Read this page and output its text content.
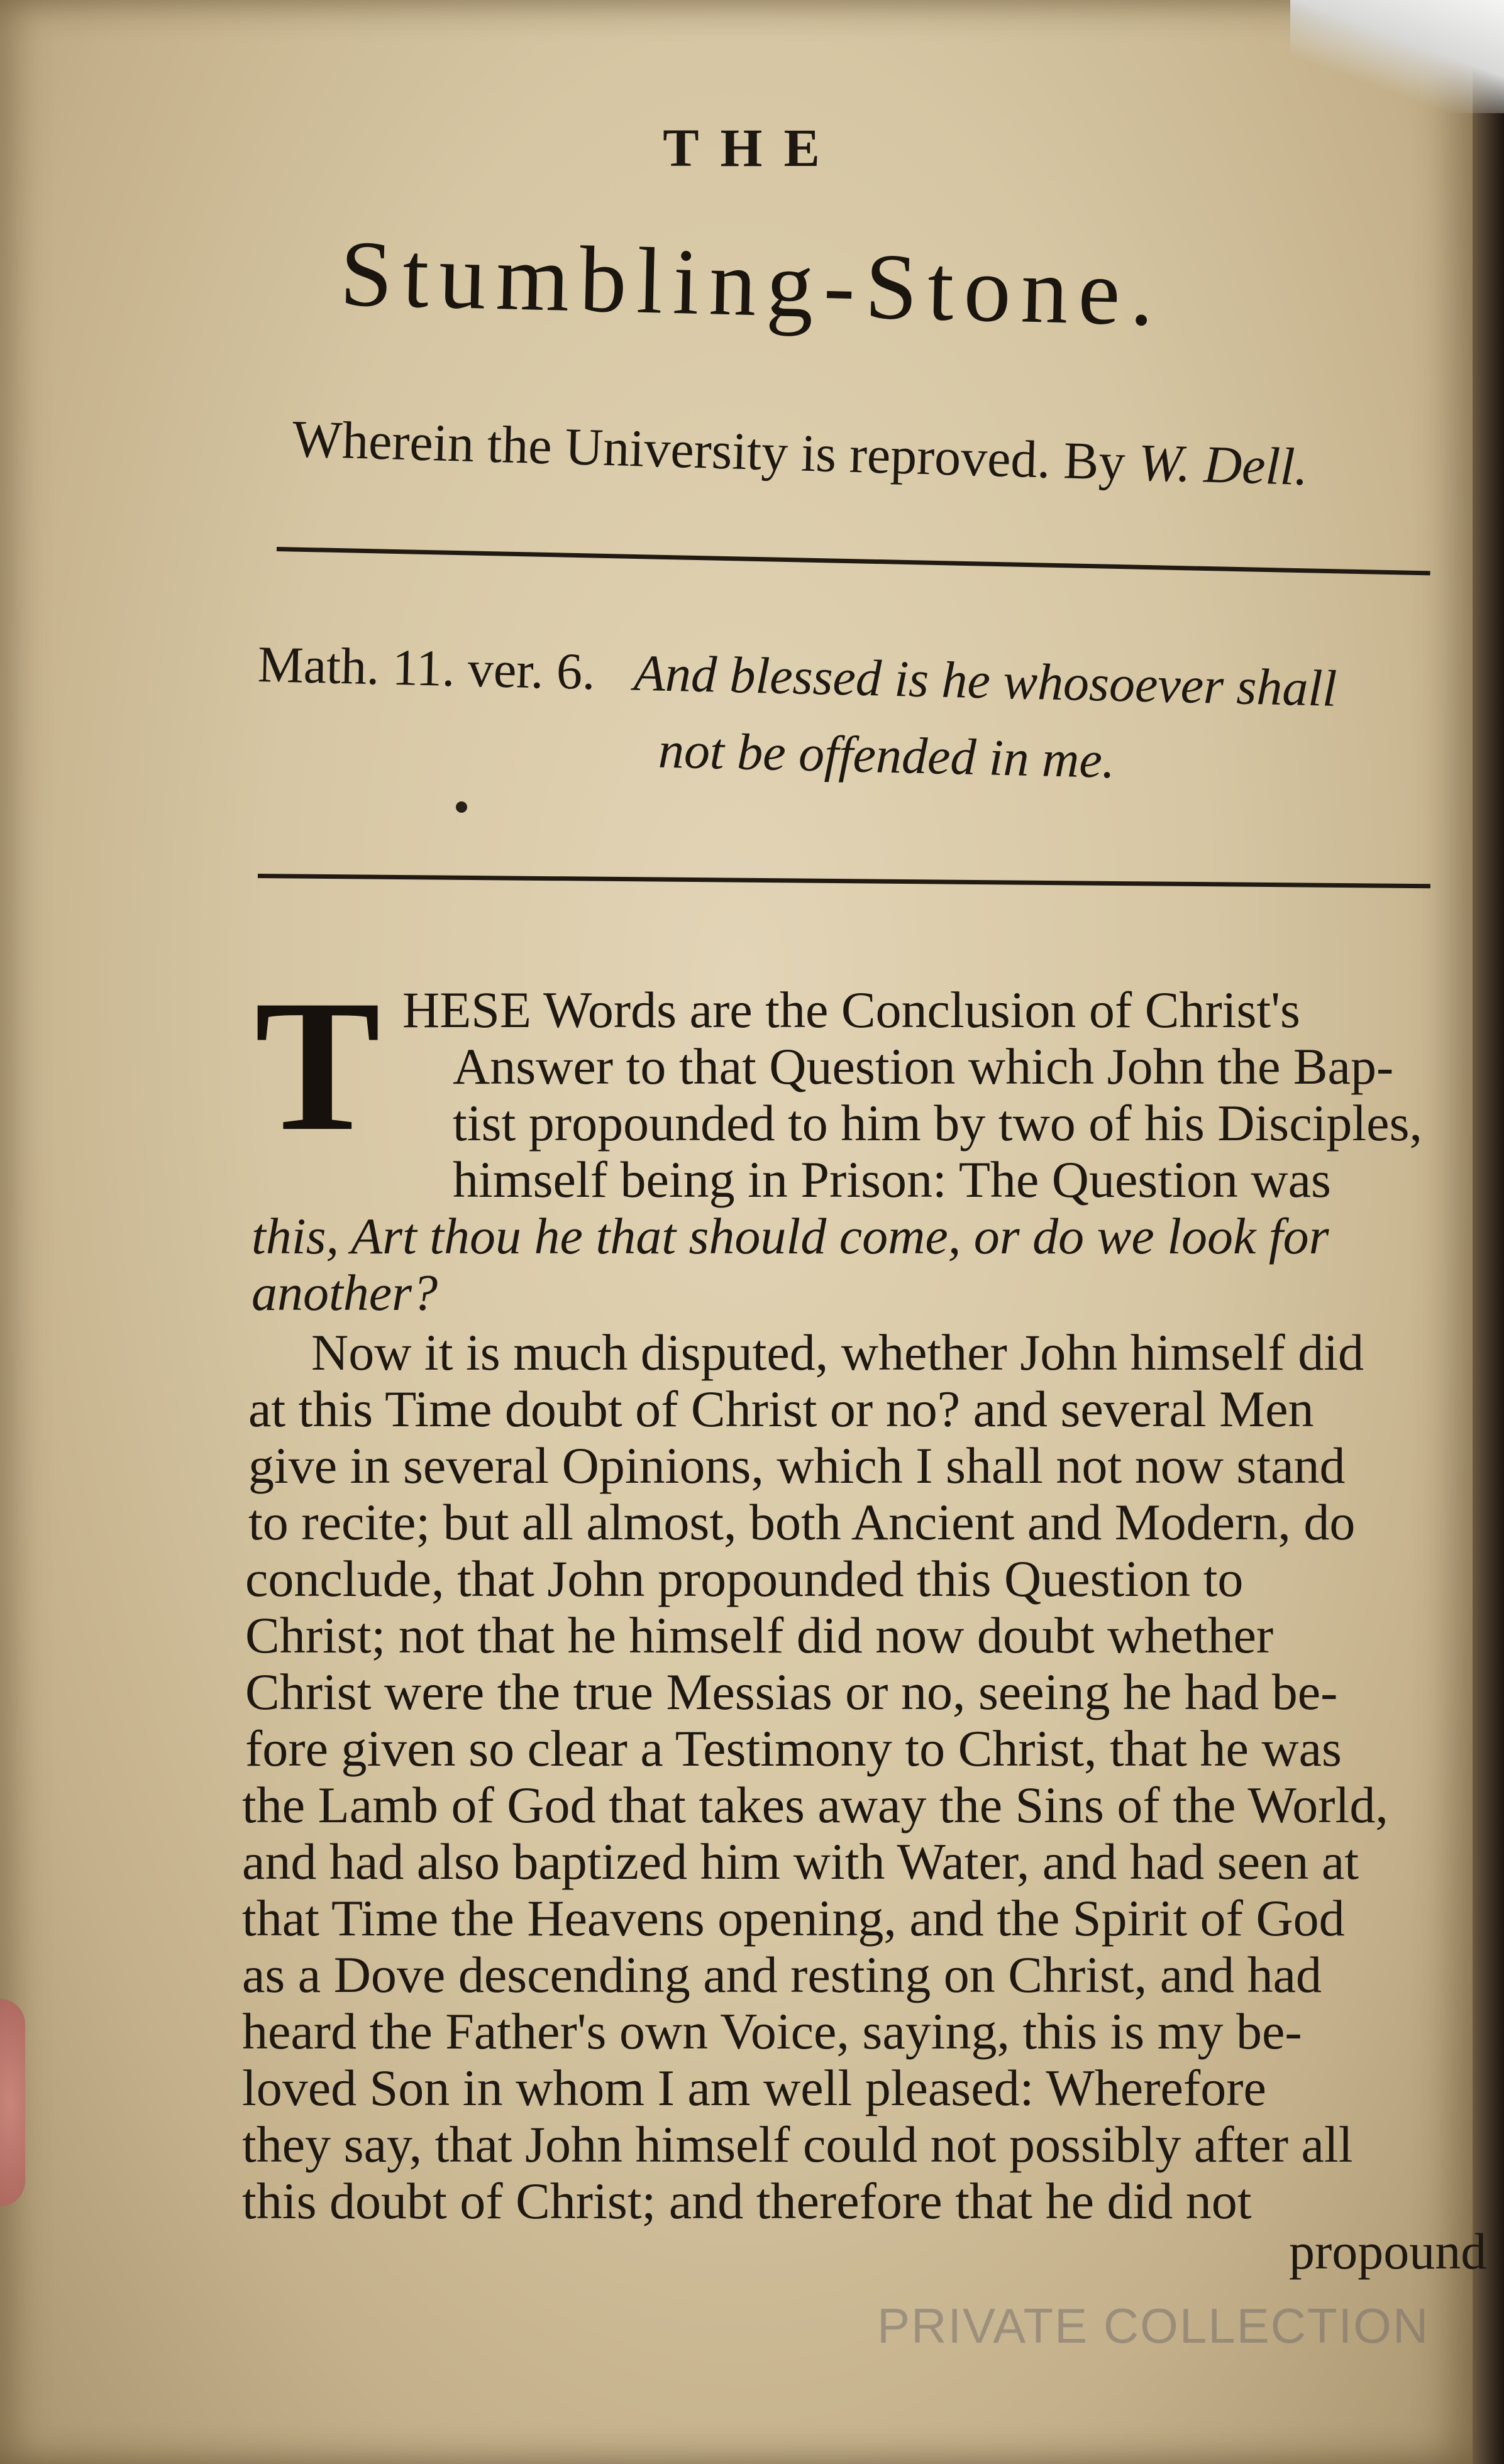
THE
Stumbling-Stone.
Wherein the University is reproved. By W. Dell.
Math. 11. ver. 6. And blessed is he whosoever shall
not be offended in me.
T HESE Words are the Conclusion of Christ's
Answer to that Question which John the Bap-
tist propounded to him by two of his Disciples,
himself being in Prison: The Question was
this, Art thou he that should come, or do we look for
another?
Now it is much disputed, whether John himself did
at this Time doubt of Christ or no? and several Men
give in several Opinions, which I shall not now stand
to recite; but all almost, both Ancient and Modern, do
conclude, that John propounded this Question to
Christ; not that he himself did now doubt whether
Christ were the true Messias or no, seeing he had be-
fore given so clear a Testimony to Christ, that he was
the Lamb of God that takes away the Sins of the World,
and had also baptized him with Water, and had seen at
that Time the Heavens opening, and the Spirit of God
as a Dove descending and resting on Christ, and had
heard the Father's own Voice, saying, this is my be-
loved Son in whom I am well pleased: Wherefore
they say, that John himself could not possibly after all
this doubt of Christ; and therefore that he did not
propound
PRIVATE COLLECTION
